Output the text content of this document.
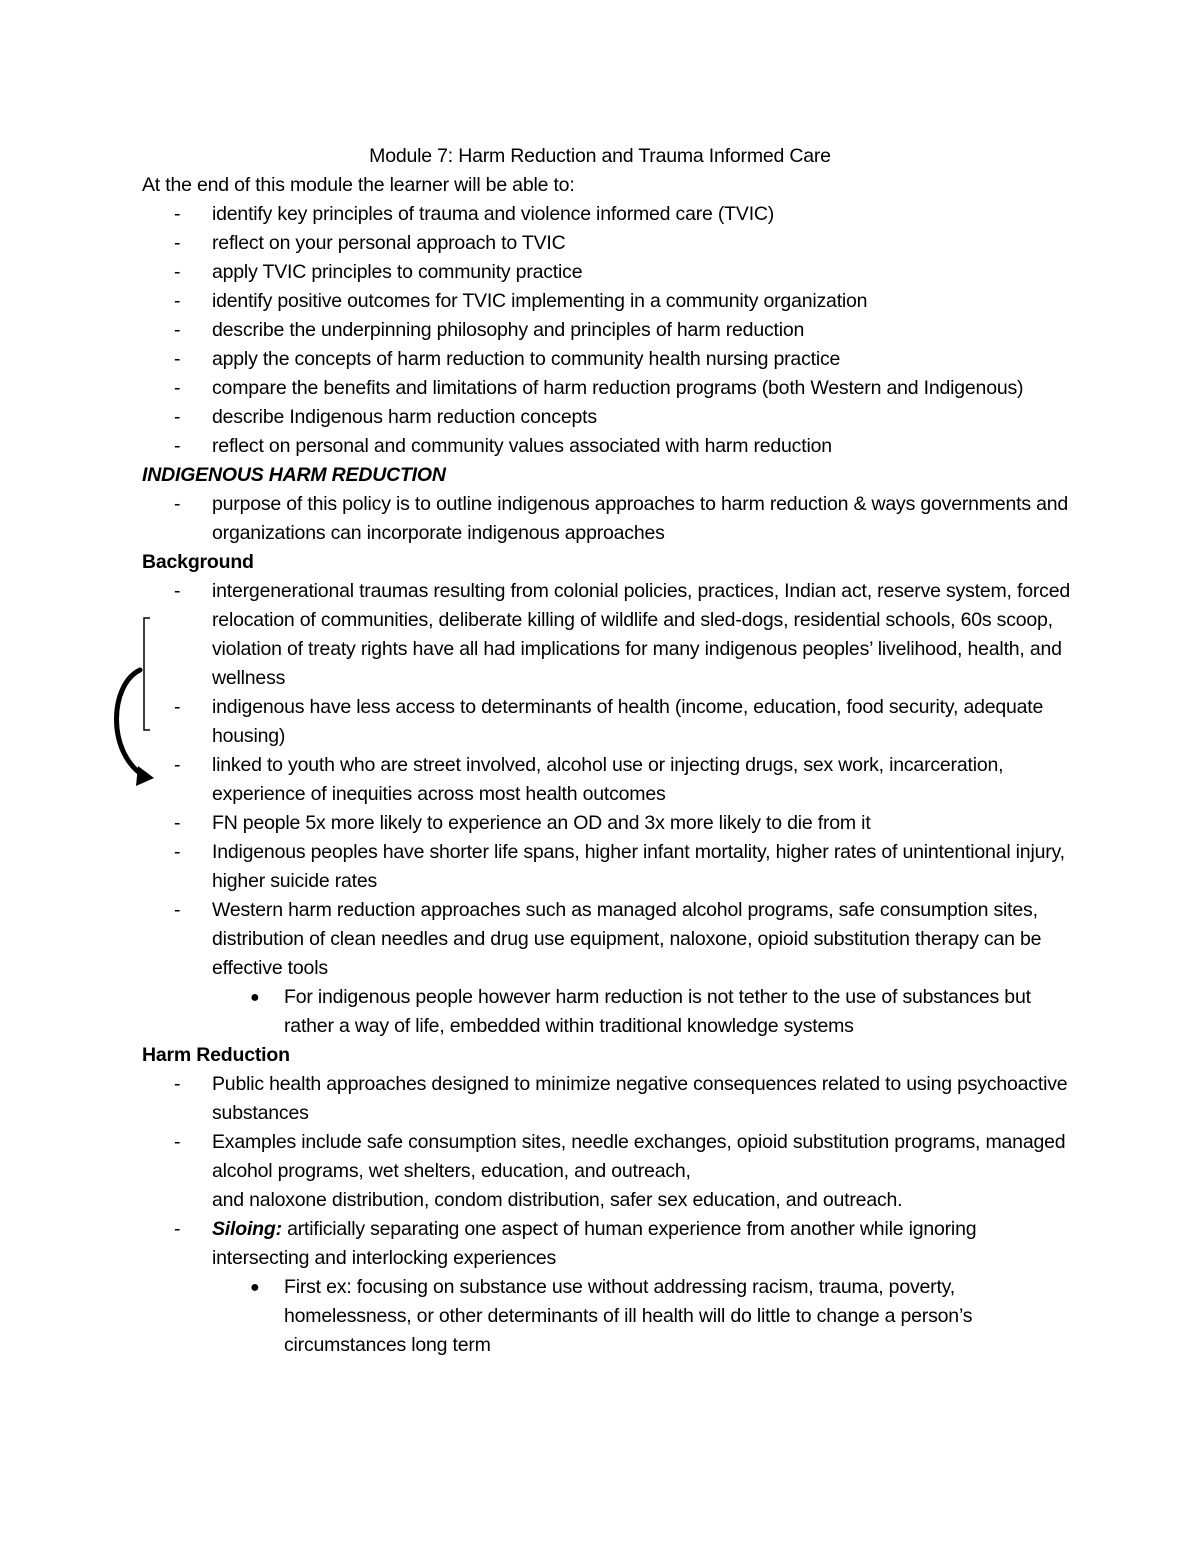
Module 7: Harm Reduction and Trauma Informed Care
At the end of this module the learner will be able to:
- identify key principles of trauma and violence informed care (TVIC)
- reflect on your personal approach to TVIC
- apply TVIC principles to community practice
- identify positive outcomes for TVIC implementing in a community organization
- describe the underpinning philosophy and principles of harm reduction
- apply the concepts of harm reduction to community health nursing practice
- compare the benefits and limitations of harm reduction programs (both Western and Indigenous)
- describe Indigenous harm reduction concepts
- reflect on personal and community values associated with harm reduction
INDIGENOUS HARM REDUCTION
- purpose of this policy is to outline indigenous approaches to harm reduction & ways governments and organizations can incorporate indigenous approaches
Background
- intergenerational traumas resulting from colonial policies, practices, Indian act, reserve system, forced relocation of communities, deliberate killing of wildlife and sled-dogs, residential schools, 60s scoop, violation of treaty rights have all had implications for many indigenous peoples’ livelihood, health, and wellness
- indigenous have less access to determinants of health (income, education, food security, adequate housing)
- linked to youth who are street involved, alcohol use or injecting drugs, sex work, incarceration, experience of inequities across most health outcomes
- FN people 5x more likely to experience an OD and 3x more likely to die from it
- Indigenous peoples have shorter life spans, higher infant mortality, higher rates of unintentional injury, higher suicide rates
- Western harm reduction approaches such as managed alcohol programs, safe consumption sites, distribution of clean needles and drug use equipment, naloxone, opioid substitution therapy can be effective tools
● For indigenous people however harm reduction is not tether to the use of substances but rather a way of life, embedded within traditional knowledge systems
Harm Reduction
- Public health approaches designed to minimize negative consequences related to using psychoactive substances
- Examples include safe consumption sites, needle exchanges, opioid substitution programs, managed alcohol programs, wet shelters, education, and outreach,
and naloxone distribution, condom distribution, safer sex education, and outreach.
- Siloing: artificially separating one aspect of human experience from another while ignoring intersecting and interlocking experiences
● First ex: focusing on substance use without addressing racism, trauma, poverty, homelessness, or other determinants of ill health will do little to change a person’s circumstances long term
